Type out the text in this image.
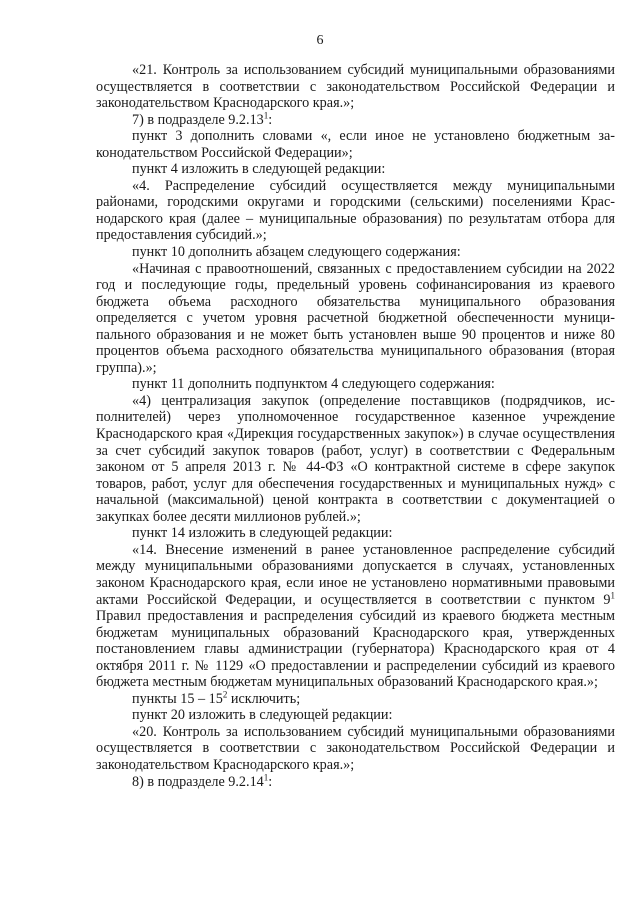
6

«21. Контроль за использованием субсидий муниципальными образованиями осуществляется в соответствии с законодательством Российской Федерации и законодательством Краснодарского края.»;

7) в подразделе 9.2.13$^1$:

пункт 3 дополнить словами «, если иное не установлено бюджетным законодательством Российской Федерации»;

пункт 4 изложить в следующей редакции:

«4. Распределение субсидий осуществляется между муниципальными районами, городскими округами и городскими (сельскими) поселениями Краснодарского края (далее – муниципальные образования) по результатам отбора для предоставления субсидий.»;

пункт 10 дополнить абзацем следующего содержания:

«Начиная с правоотношений, связанных с предоставлением субсидии на 2022 год и последующие годы, предельный уровень софинансирования из краевого бюджета объема расходного обязательства муниципального образования определяется с учетом уровня расчетной бюджетной обеспеченности муниципального образования и не может быть установлен выше 90 процентов и ниже 80 процентов объема расходного обязательства муниципального образования (вторая группа).»;

пункт 11 дополнить подпунктом 4 следующего содержания:

«4) централизация закупок (определение поставщиков (подрядчиков, исполнителей) через уполномоченное государственное казенное учреждение Краснодарского края «Дирекция государственных закупок») в случае осуществления за счет субсидий закупок товаров (работ, услуг) в соответствии с Федеральным законом от 5 апреля 2013 г. № 44-ФЗ «О контрактной системе в сфере закупок товаров, работ, услуг для обеспечения государственных и муниципальных нужд» с начальной (максимальной) ценой контракта в соответствии с документацией о закупках более десяти миллионов рублей.»;

пункт 14 изложить в следующей редакции:

«14. Внесение изменений в ранее установленное распределение субсидий между муниципальными образованиями допускается в случаях, установленных законом Краснодарского края, если иное не установлено нормативными правовыми актами Российской Федерации, и осуществляется в соответствии с пунктом $9^1$ Правил предоставления и распределения субсидий из краевого бюджета местным бюджетам муниципальных образований Краснодарского края, утвержденных постановлением главы администрации (губернатора) Краснодарского края от 4 октября 2011 г. № 1129 «О предоставлении и распределении субсидий из краевого бюджета местным бюджетам муниципальных образований Краснодарского края.»;

пункты $15 - 15^2$ исключить;

пункт 20 изложить в следующей редакции:

«20. Контроль за использованием субсидий муниципальными образованиями осуществляется в соответствии с законодательством Российской Федерации и законодательством Краснодарского края.»;

8) в подразделе 9.2.14$^1$:
